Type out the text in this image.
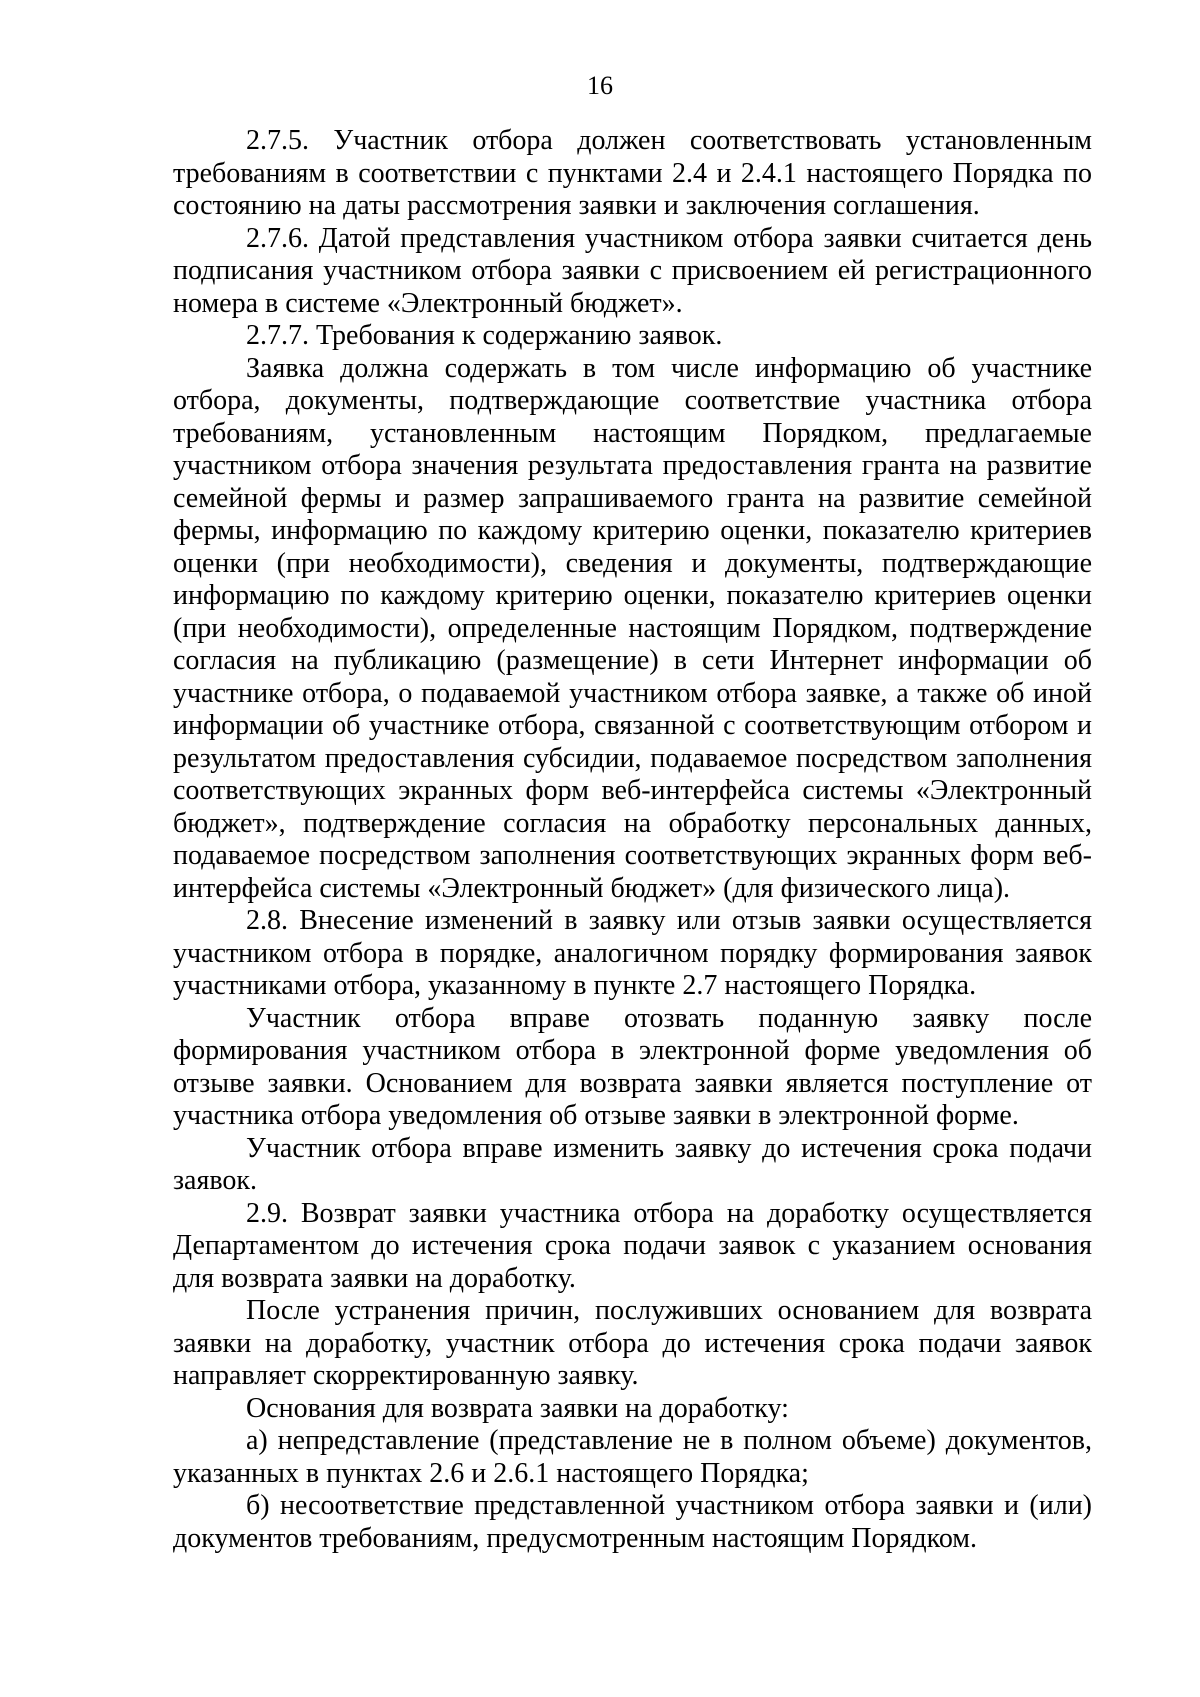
16

2.7.5. Участник отбора должен соответствовать установленным требованиям в соответствии с пунктами 2.4 и 2.4.1 настоящего Порядка по состоянию на даты рассмотрения заявки и заключения соглашения.

2.7.6. Датой представления участником отбора заявки считается день подписания участником отбора заявки с присвоением ей регистрационного номера в системе «Электронный бюджет».

2.7.7. Требования к содержанию заявок.

Заявка должна содержать в том числе информацию об участнике отбора, документы, подтверждающие соответствие участника отбора требованиям, установленным настоящим Порядком, предлагаемые участником отбора значения результата предоставления гранта на развитие семейной фермы и размер запрашиваемого гранта на развитие семейной фермы, информацию по каждому критерию оценки, показателю критериев оценки (при необходимости), сведения и документы, подтверждающие информацию по каждому критерию оценки, показателю критериев оценки (при необходимости), определенные настоящим Порядком, подтверждение согласия на публикацию (размещение) в сети Интернет информации об участнике отбора, о подаваемой участником отбора заявке, а также об иной информации об участнике отбора, связанной с соответствующим отбором и результатом предоставления субсидии, подаваемое посредством заполнения соответствующих экранных форм веб-интерфейса системы «Электронный бюджет», подтверждение согласия на обработку персональных данных, подаваемое посредством заполнения соответствующих экранных форм веб-интерфейса системы «Электронный бюджет» (для физического лица).

2.8. Внесение изменений в заявку или отзыв заявки осуществляется участником отбора в порядке, аналогичном порядку формирования заявок участниками отбора, указанному в пункте 2.7 настоящего Порядка.

Участник отбора вправе отозвать поданную заявку после формирования участником отбора в электронной форме уведомления об отзыве заявки. Основанием для возврата заявки является поступление от участника отбора уведомления об отзыве заявки в электронной форме.

Участник отбора вправе изменить заявку до истечения срока подачи заявок.

2.9. Возврат заявки участника отбора на доработку осуществляется Департаментом до истечения срока подачи заявок с указанием основания для возврата заявки на доработку.

После устранения причин, послуживших основанием для возврата заявки на доработку, участник отбора до истечения срока подачи заявок направляет скорректированную заявку.

Основания для возврата заявки на доработку:

а) непредставление (представление не в полном объеме) документов, указанных в пунктах 2.6 и 2.6.1 настоящего Порядка;

б) несоответствие представленной участником отбора заявки и (или) документов требованиям, предусмотренным настоящим Порядком.
